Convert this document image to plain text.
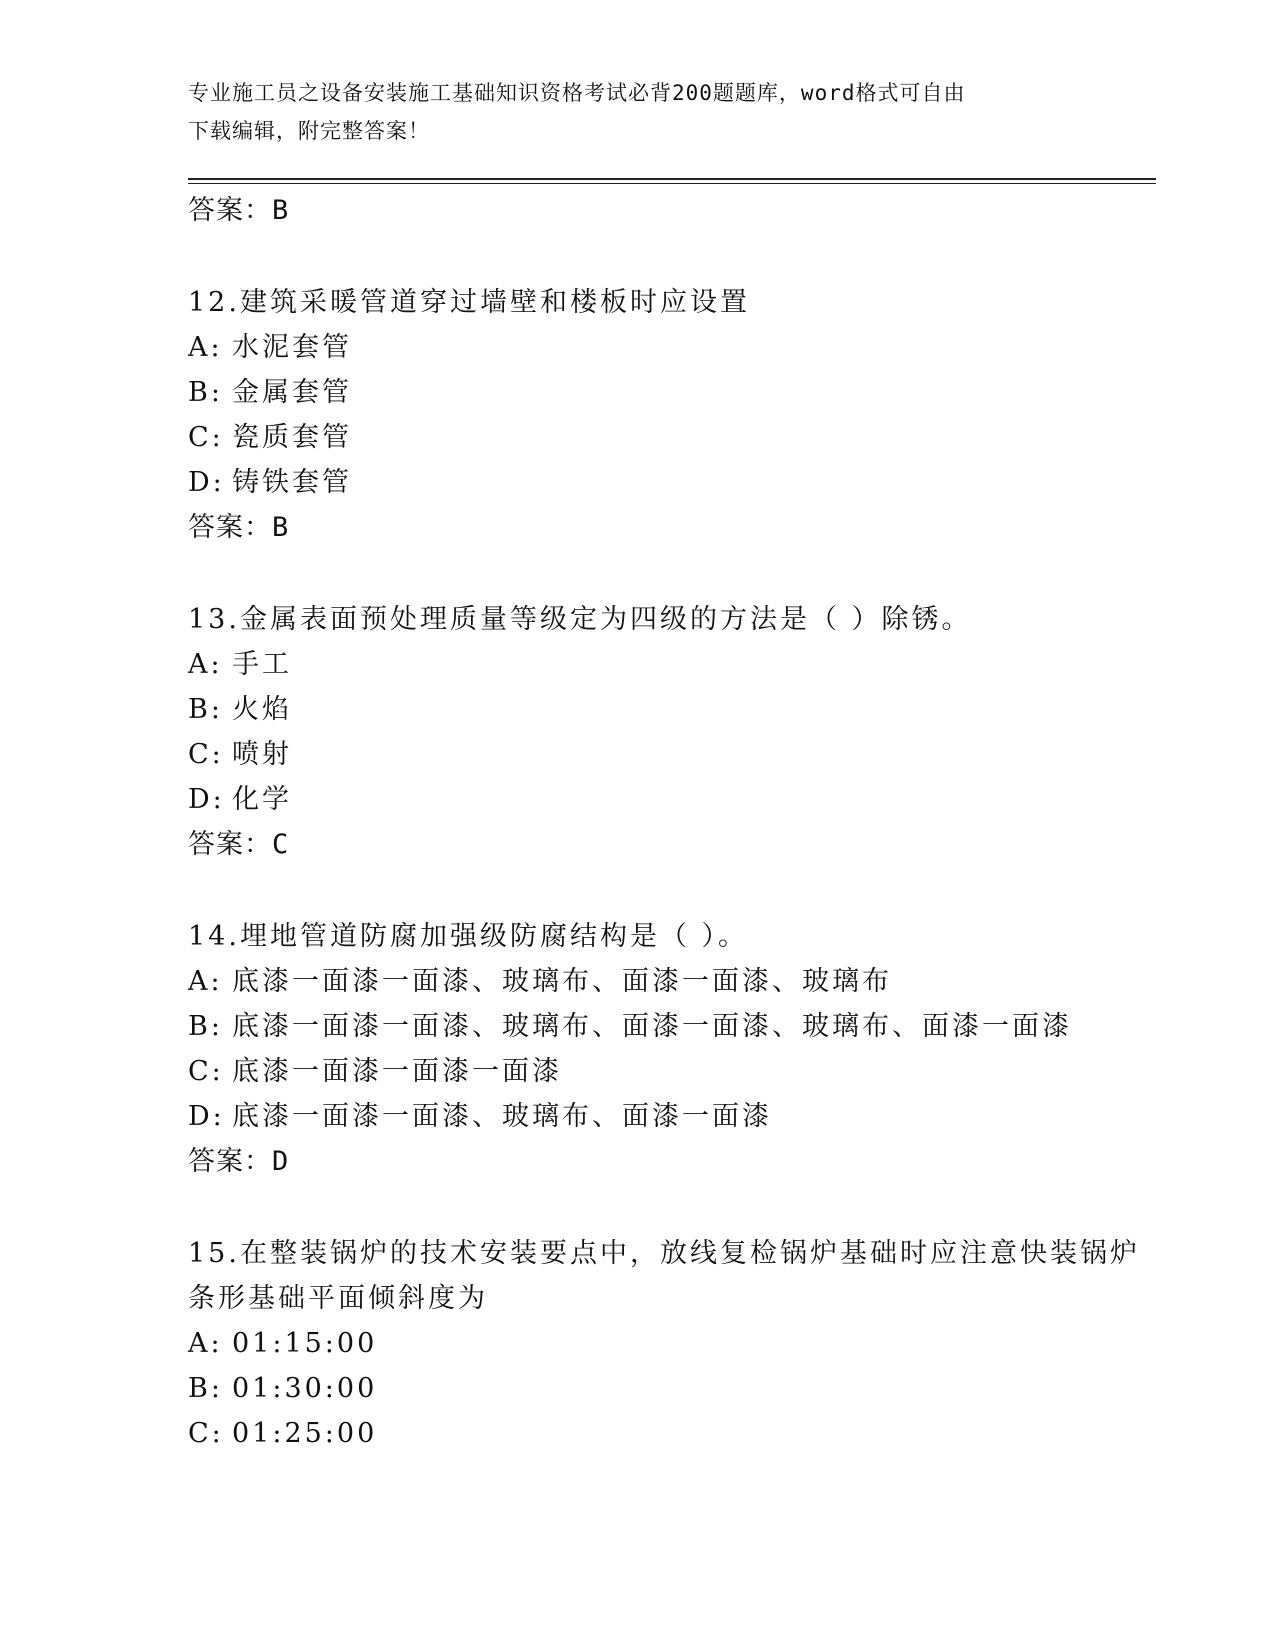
专业施工员之设备安装施工基础知识资格考试必背200题题库，word格式可自由
下载编辑，附完整答案！
答案：B
12.建筑采暖管道穿过墙壁和楼板时应设置
A: 水泥套管
B: 金属套管
C: 瓷质套管
D: 铸铁套管
答案：B
13.金属表面预处理质量等级定为四级的方法是（ ）除锈。
A: 手工
B: 火焰
C: 喷射
D: 化学
答案：C
14.埋地管道防腐加强级防腐结构是（ ）。
A: 底漆一面漆一面漆、玻璃布、面漆一面漆、玻璃布
B: 底漆一面漆一面漆、玻璃布、面漆一面漆、玻璃布、面漆一面漆
C: 底漆一面漆一面漆一面漆
D: 底漆一面漆一面漆、玻璃布、面漆一面漆
答案：D
15.在整装锅炉的技术安装要点中，放线复检锅炉基础时应注意快装锅炉条形基础平面倾斜度为
A: 01:15:00
B: 01:30:00
C: 01:25:00
